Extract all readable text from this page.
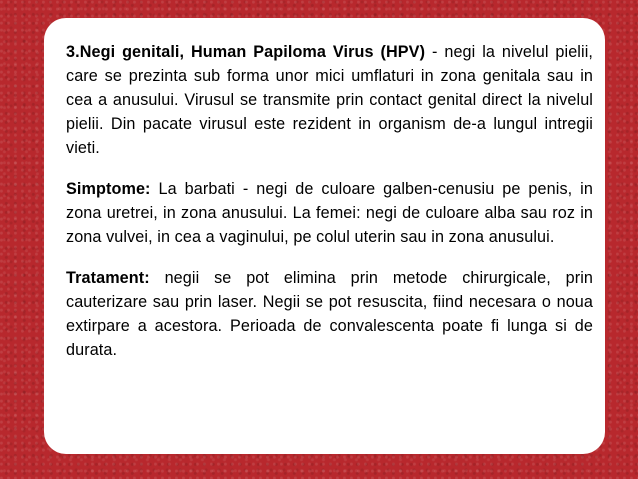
3.Negi genitali, Human Papiloma Virus (HPV) - negi la nivelul pielii, care se prezinta sub forma unor mici umflaturi in zona genitala sau in cea a anusului. Virusul se transmite prin contact genital direct la nivelul pielii. Din pacate virusul este rezident in organism de-a lungul intregii vieti.

Simptome: La barbati - negi de culoare galben-cenusiu pe penis, in zona uretrei, in zona anusului. La femei: negi de culoare alba sau roz in zona vulvei, in cea a vaginului, pe colul uterin sau in zona anusului.

Tratament: negii se pot elimina prin metode chirurgicale, prin cauterizare sau prin laser. Negii se pot resuscita, fiind necesara o noua extirpare a acestora. Perioada de convalescenta poate fi lunga si de durata.
